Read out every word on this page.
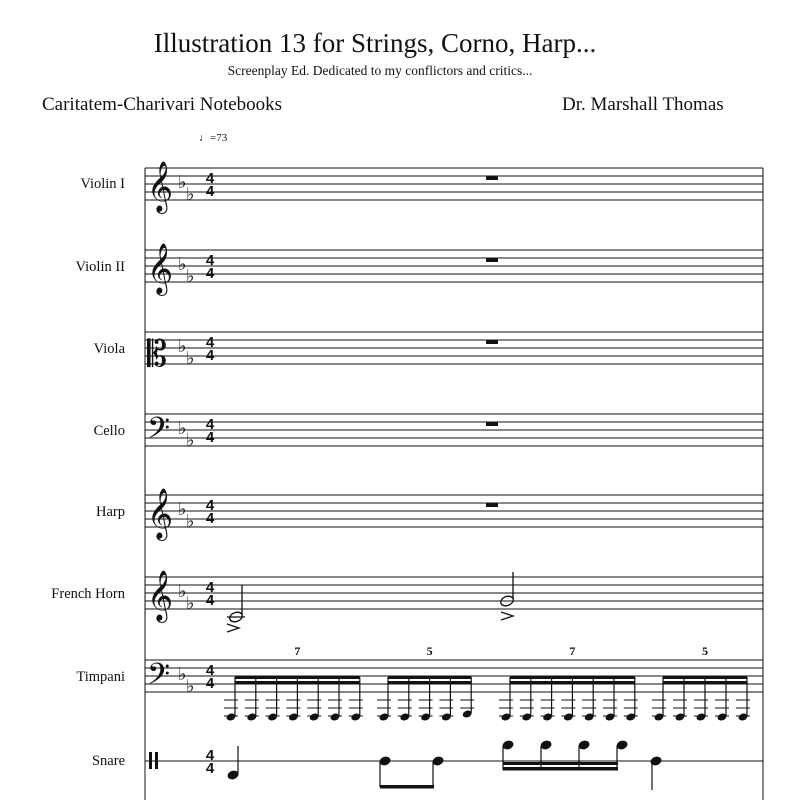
Illustration 13 for Strings, Corno, Harp...
Screenplay Ed. Dedicated to my conflictors and critics...
Caritatem-Charivari Notebooks	Dr. Marshall Thomas
♩=73
Violin I
Violin II
Viola
Cello
Harp
French Horn
Timpani
Snare
𝄞
𝄞
𝄡
𝄢
𝄞
𝄞
𝄢
♭
♭
♭
♭
♭
♭
♭
♭
♭
♭
♭
♭
♭
♭
4
4
4
4
4
4
4
4
4
4
4
4
4
4
4
4
7	5	7	5
